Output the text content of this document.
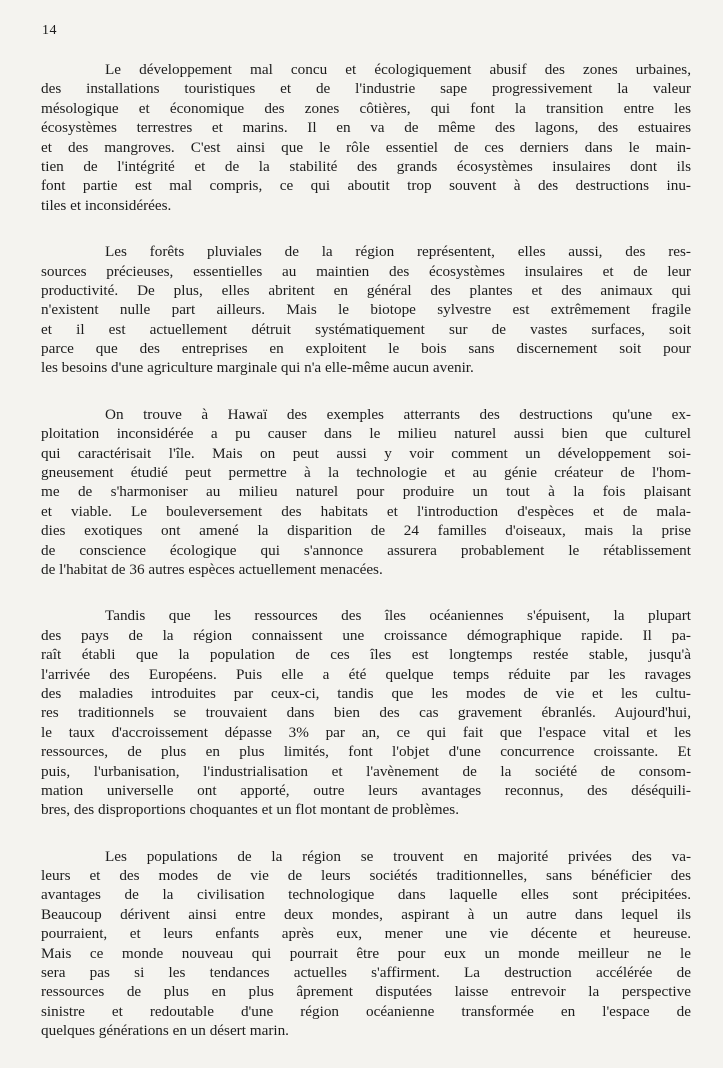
14
Le développement mal concu et écologiquement abusif des zones urbaines,
des installations touristiques et de l'industrie sape progressivement la valeur
mésologique et économique des zones côtières, qui font la transition entre les
écosystèmes terrestres et marins. Il en va de même des lagons, des estuaires
et des mangroves. C'est ainsi que le rôle essentiel de ces derniers dans le main-
tien de l'intégrité et de la stabilité des grands écosystèmes insulaires dont ils
font partie est mal compris, ce qui aboutit trop souvent à des destructions inu-
tiles et inconsidérées.
Les forêts pluviales de la région représentent, elles aussi, des res-
sources précieuses, essentielles au maintien des écosystèmes insulaires et de leur
productivité. De plus, elles abritent en général des plantes et des animaux qui
n'existent nulle part ailleurs. Mais le biotope sylvestre est extrêmement fragile
et il est actuellement détruit systématiquement sur de vastes surfaces, soit
parce que des entreprises en exploitent le bois sans discernement soit pour
les besoins d'une agriculture marginale qui n'a elle-même aucun avenir.
On trouve à Hawaï des exemples atterrants des destructions qu'une ex-
ploitation inconsidérée a pu causer dans le milieu naturel aussi bien que culturel
qui caractérisait l'île. Mais on peut aussi y voir comment un développement soi-
gneusement étudié peut permettre à la technologie et au génie créateur de l'hom-
me de s'harmoniser au milieu naturel pour produire un tout à la fois plaisant
et viable. Le bouleversement des habitats et l'introduction d'espèces et de mala-
dies exotiques ont amené la disparition de 24 familles d'oiseaux, mais la prise
de conscience écologique qui s'annonce assurera probablement le rétablissement
de l'habitat de 36 autres espèces actuellement menacées.
Tandis que les ressources des îles océaniennes s'épuisent, la plupart
des pays de la région connaissent une croissance démographique rapide. Il pa-
raît établi que la population de ces îles est longtemps restée stable, jusqu'à
l'arrivée des Européens. Puis elle a été quelque temps réduite par les ravages
des maladies introduites par ceux-ci, tandis que les modes de vie et les cultu-
res traditionnels se trouvaient dans bien des cas gravement ébranlés. Aujourd'hui,
le taux d'accroissement dépasse 3% par an, ce qui fait que l'espace vital et les
ressources, de plus en plus limités, font l'objet d'une concurrence croissante. Et
puis, l'urbanisation, l'industrialisation et l'avènement de la société de consom-
mation universelle ont apporté, outre leurs avantages reconnus, des déséquili-
bres, des disproportions choquantes et un flot montant de problèmes.
Les populations de la région se trouvent en majorité privées des va-
leurs et des modes de vie de leurs sociétés traditionnelles, sans bénéficier des
avantages de la civilisation technologique dans laquelle elles sont précipitées.
Beaucoup dérivent ainsi entre deux mondes, aspirant à un autre dans lequel ils
pourraient, et leurs enfants après eux, mener une vie décente et heureuse.
Mais ce monde nouveau qui pourrait être pour eux un monde meilleur ne le
sera pas si les tendances actuelles s'affirment. La destruction accélérée de
ressources de plus en plus âprement disputées laisse entrevoir la perspective
sinistre et redoutable d'une région océanienne transformée en l'espace de
quelques générations en un désert marin.
